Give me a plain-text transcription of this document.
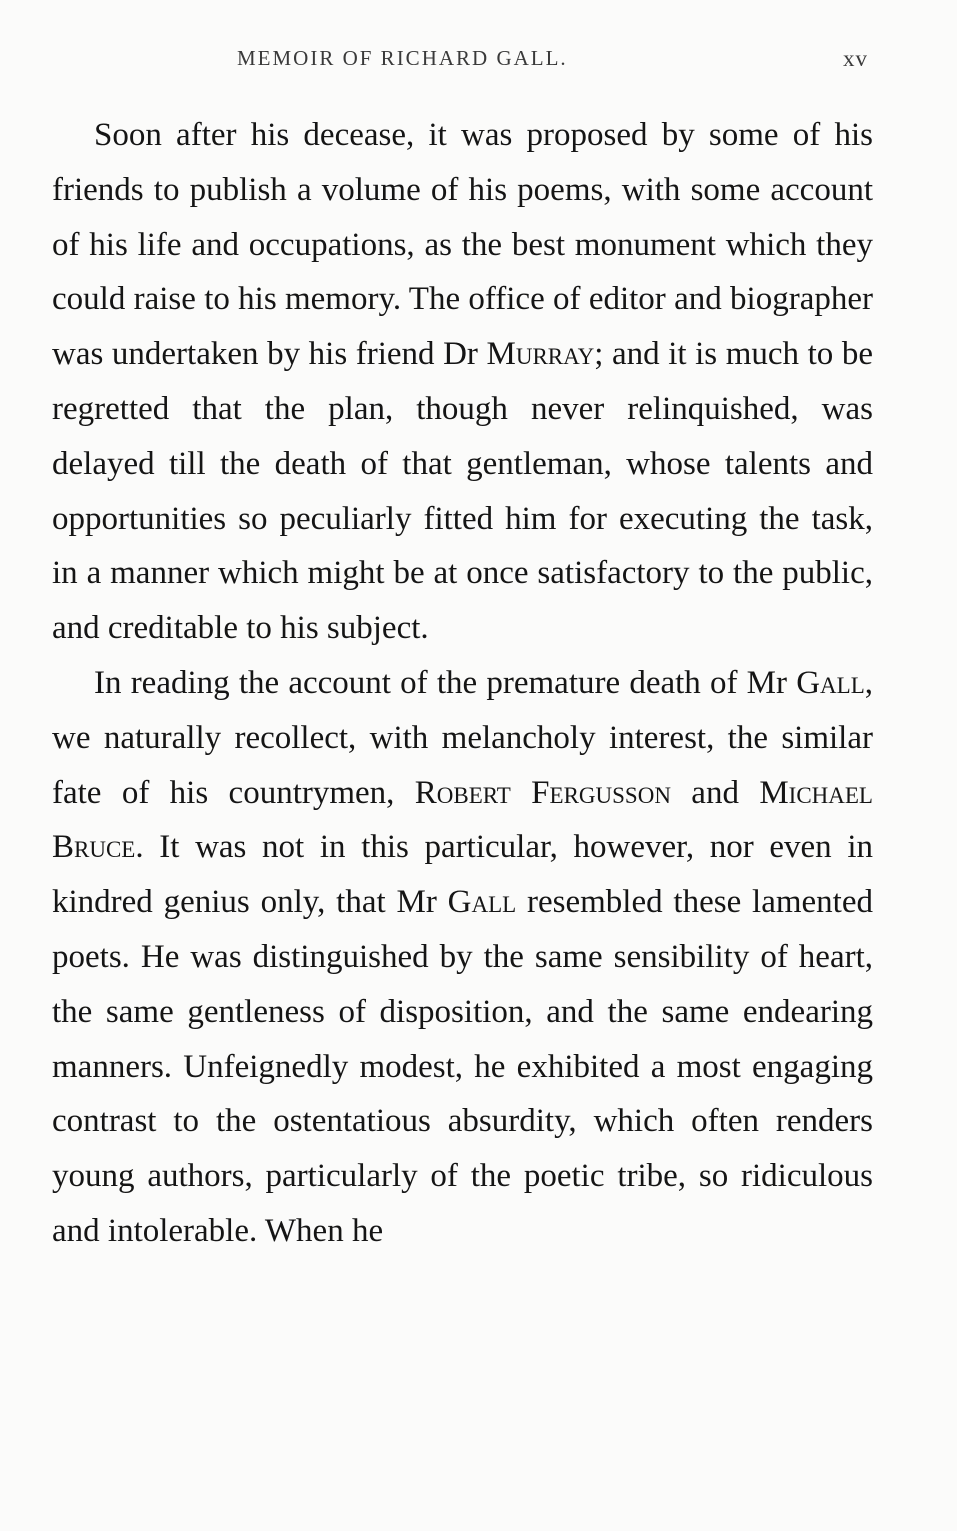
MEMOIR OF RICHARD GALL.	xv

Soon after his decease, it was proposed by some of his friends to publish a volume of his poems, with some account of his life and occupations, as the best monument which they could raise to his memory. The office of editor and biographer was undertaken by his friend Dr Murray; and it is much to be regretted that the plan, though never relinquished, was delayed till the death of that gentleman, whose talents and opportunities so peculiarly fitted him for executing the task, in a manner which might be at once satisfactory to the public, and creditable to his subject.

In reading the account of the premature death of Mr Gall, we naturally recollect, with melancholy interest, the similar fate of his countrymen, Robert Fergusson and Michael Bruce. It was not in this particular, however, nor even in kindred genius only, that Mr Gall resembled these lamented poets. He was distinguished by the same sensibility of heart, the same gentleness of disposition, and the same endearing manners. Unfeignedly modest, he exhibited a most engaging contrast to the ostentatious absurdity, which often renders young authors, particularly of the poetic tribe, so ridiculous and intolerable. When he
